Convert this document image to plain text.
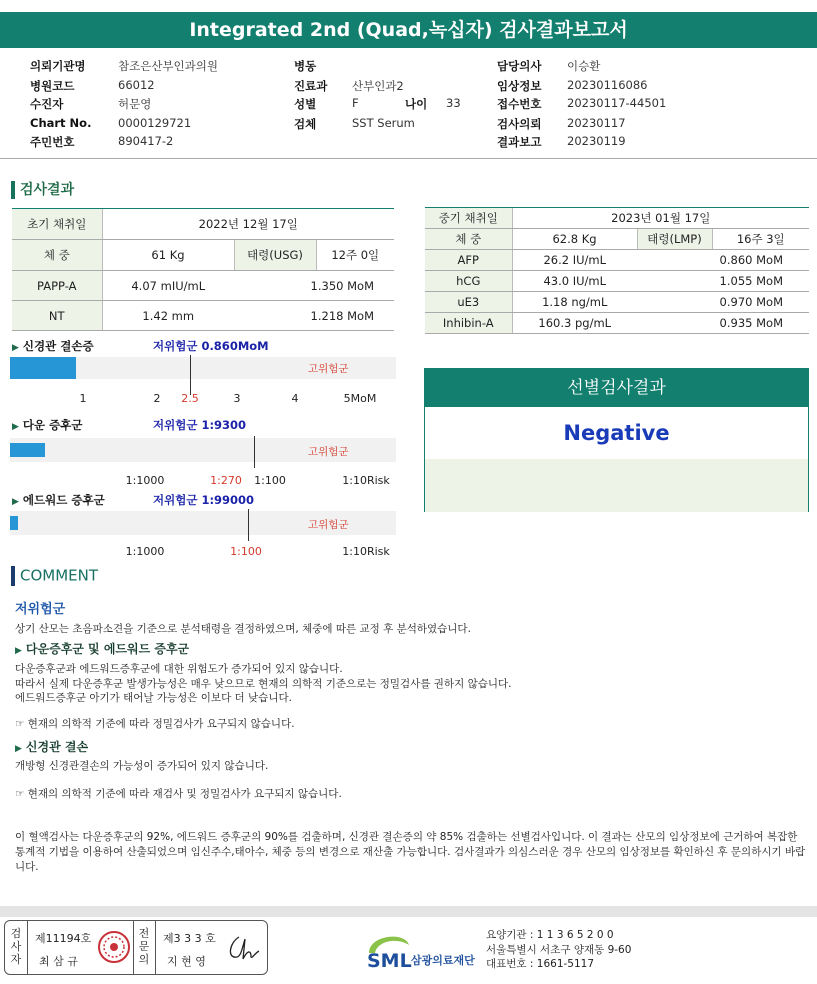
Integrated 2nd (Quad,녹십자) 검사결과보고서
의뢰기관명	참조은산부인과의원
병원코드	66012
수진자	허문영
Chart No. 0000129721
주민번호	890417-2
병동
진료과 산부인과2
성별	F	나이 33
검체	SST Serum
담당의사 이승환
임상정보 20230116086
접수번호 20230117-44501
검사의뢰 20230117
결과보고 20230119
검사결과
초기 채취일	2022년 12월 17일		
체 중	61 Kg	태령(USG)	12주 0일
PAPP-A	4.07 mIU/mL	1.350 MoM	
NT	1.42 mm	1.218 MoM	
중기 채취일	2023년 01월 17일		
체 중	62.8 Kg	태령(LMP)	16주 3일
AFP	26.2 IU/mL	0.860 MoM	
hCG	43.0 IU/mL	1.055 MoM	
uE3	1.18 ng/mL	0.970 MoM	
Inhibin-A	160.3 pg/mL	0.935 MoM	
▶ 신경관 결손증	저위험군 0.860MoM
고위험군
1	2 2.5	3	4	5MoM
▶ 다운 증후군	저위험군 1:9300
고위험군
1:1000	1:270 1:100	1:10Risk
▶ 에드워드 증후군	저위험군 1:99000
고위험군
1:1000	1:100	1:10Risk
선별검사결과
Negative
COMMENT
저위험군
상기 산모는 초음파소견을 기준으로 분석태령을 결정하였으며, 체중에 따른 교정 후 분석하였습니다.
▶ 다운증후군 및 에드워드 증후군
다운증후군과 에드워드증후군에 대한 위험도가 증가되어 있지 않습니다.
따라서 실제 다운증후군 발생가능성은 매우 낮으므로 현재의 의학적 기준으로는 정밀검사를 권하지 않습니다.
에드워드증후군 아기가 태어날 가능성은 이보다 더 낮습니다.
☞ 현재의 의학적 기준에 따라 정밀검사가 요구되지 않습니다.
▶ 신경관 결손
개방형 신경관결손의 가능성이 증가되어 있지 않습니다.
☞ 현재의 의학적 기준에 따라 재검사 및 정밀검사가 요구되지 않습니다.
이 혈액검사는 다운증후군의 92%, 에드워드 증후군의 90%를 검출하며, 신경관 결손증의 약 85% 검출하는 선별검사입니다. 이 결과는 산모의 임상정보에 근거하여 복잡한 통계적 기법을 이용하여 산출되었으며 임신주수,태아수, 체중 등의 변경으로 재산출 가능합니다. 검사결과가 의심스러운 경우 산모의 임상정보를 확인하신 후 문의하시기 바랍니다.
검
사
자
제11194호
최 삼 규
전
문
의
제3 3 3 호
지 현 영	SML 삼광의료재단
요양기관 : 1 1 3 6 5 2 0 0
서울특별시 서초구 양재동 9-60
대표번호 : 1661-5117
